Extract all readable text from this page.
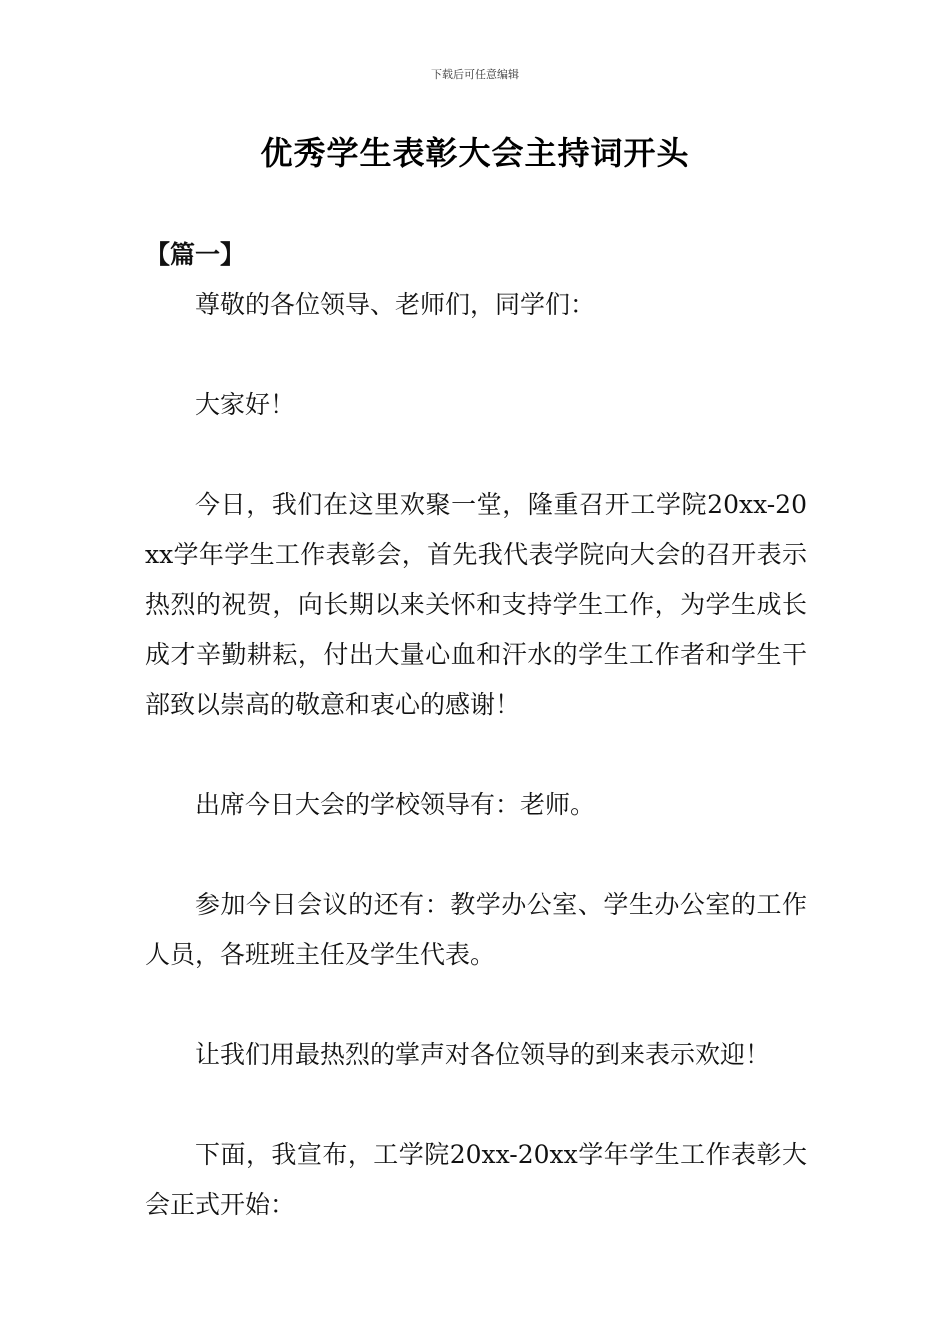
下载后可任意编辑
优秀学生表彰大会主持词开头

【篇一】

尊敬的各位领导、老师们，同学们：

大家好！

今日，我们在这里欢聚一堂，隆重召开工学院20xx-20xx学年学生工作表彰会，首先我代表学院向大会的召开表示热烈的祝贺，向长期以来关怀和支持学生工作，为学生成长成才辛勤耕耘，付出大量心血和汗水的学生工作者和学生干部致以崇高的敬意和衷心的感谢！

出席今日大会的学校领导有：老师。

参加今日会议的还有：教学办公室、学生办公室的工作人员，各班班主任及学生代表。

让我们用最热烈的掌声对各位领导的到来表示欢迎！

下面，我宣布，工学院20xx-20xx学年学生工作表彰大会正式开始：
